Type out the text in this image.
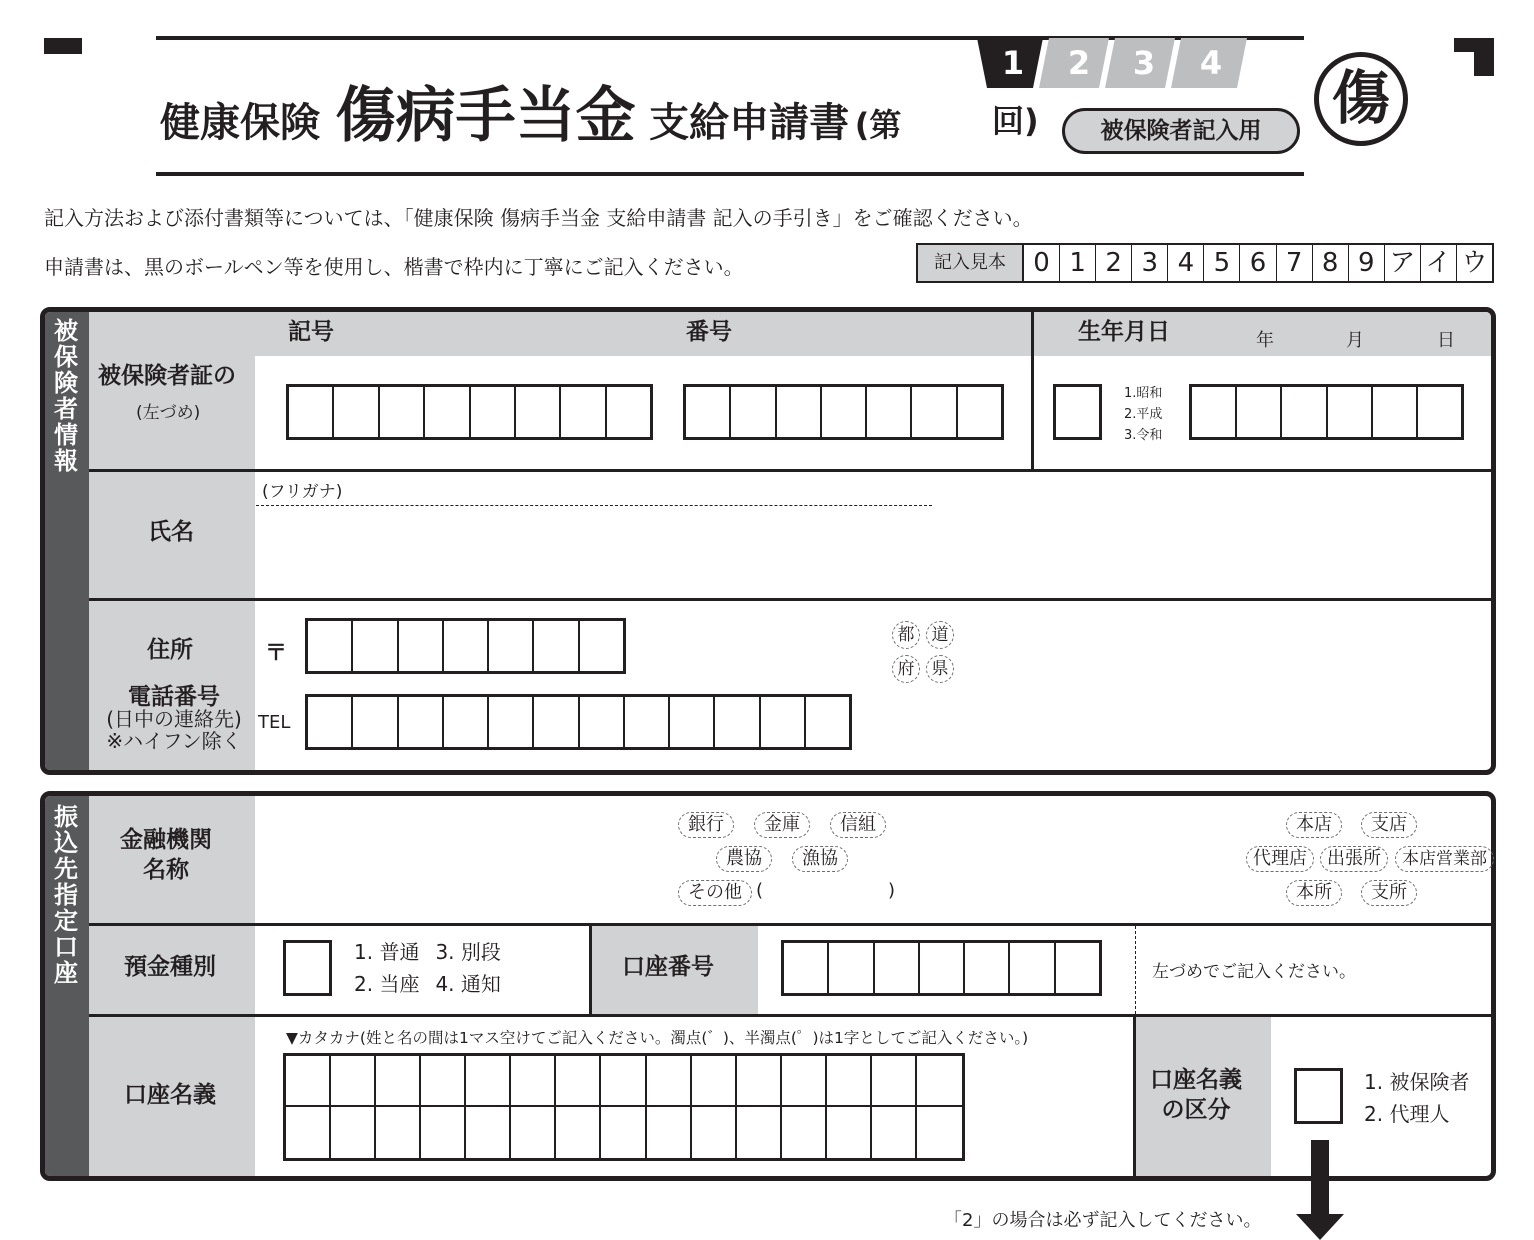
健康保険 傷病手当金 支給申請書 (第	回)
1 2 3 4
被保険者記入用	傷
記入方法および添付書類等については、「健康保険 傷病手当金 支給申請書 記入の手引き」をご確認ください。
申請書は、黒のボールペン等を使用し、楷書で枠内に丁寧にご記入ください。	記入見本	0 1 2 3 4 5 6 7 8 9 ア イ ウ
被
保
険
者
情
報
記号	番号	生年月日	年	月	日
被保険者証の
(左づめ)
1.昭和
2.平成
3.令和
(フリガナ)
氏名
住所
電話番号
(日中の連絡先)
※ハイフン除く
〒
都	道
府	県
TEL
振
込
先
指
定
口
座
金融機関
名称
銀行	金庫	信組
農協	漁協
その他 (	)
本店	支店
代理店	出張所	本店営業部
本所	支所
預金種別
1. 普通 3. 別段
2. 当座 4. 通知
口座番号	左づめでご記入ください。
▼カタカナ(姓と名の間は1マス空けてご記入ください。濁点(゛)、半濁点(゜)は1字としてご記入ください。)
口座名義
口座名義
の区分
1. 被保険者
2. 代理人
「2」の場合は必ず記入してください。
